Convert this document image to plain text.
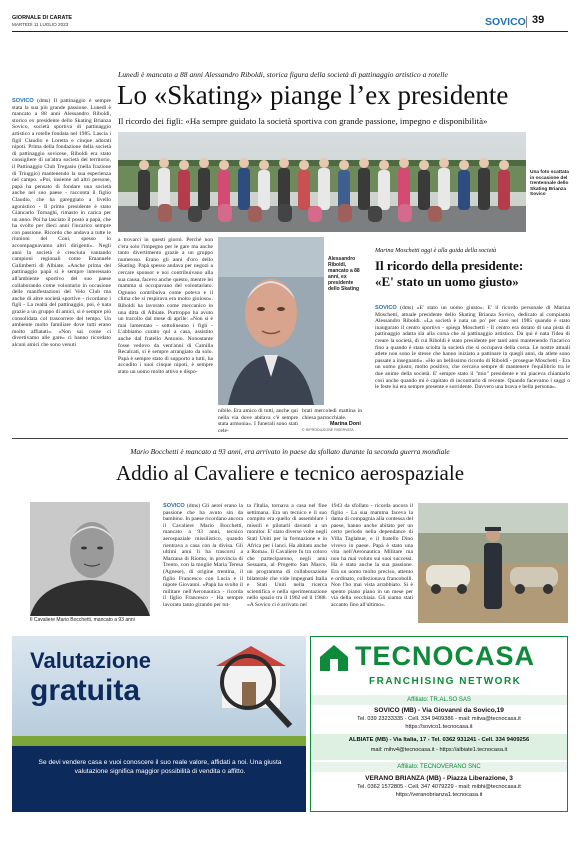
GIORNALE DI CARATE
MARTEDÌ 11 LUGLIO 2023	SOVICO 39
Lunedì è mancato a 88 anni Alessandro Riboldi, storica figura della società di pattinaggio artistico a rotelle
Lo «Skating» piange l’ex presidente
Il ricordo dei figli: «Ha sempre guidato la società sportiva con grande passione, impegno e disponibilità»
SOVICO (dms) Il pattinaggio è sempre stata la sua più grande passione. Lunedì è mancato a 88 anni Alessandro Riboldi, storico ex presidente dello Skating Brianza Sovico, società sportiva di pattinaggio artistico a rotelle fondata nel 1985. Lascia i figli Claudio e Loretta e cinque adorati nipoti. Prima della fondazione della società di pattinaggio sovicese, Riboldi era stato consigliere di un'altra società del territorio, il Pattinaggio Club Tregasio (nella frazione di Triuggio) mantenendo la sua esperienza nel campo. «Poi, insieme ad altri persone, papà ha pensato di fondare una società anche nel suo paese - racconta il figlio Claudio, che ha gareggiato a livello agonistico - Il primo presidente è stato Giancarlo Tornaghi, rimasto in carica per un anno. Poi ha lasciato il posto a papà, che ha svolto per dieci anni l'incarico sempre con passione. Ricordo che andava a tutte le riunioni del Coni, spesso lo accompagnavamo altri dirigenti». Negli anni la società è cresciuta vantando campioni regionali come Emanuele Galimberti di Albiate. «Anche prima del pattinaggio papà si è sempre interessato all'ambiente sportivo del suo paese collaborando come volontario in occasione delle manifestazioni del Velo Club ma anche di altre società sportive - ricordano i figli - La realtà del pattinaggio, poi, è nata grazie a un gruppo di amici, si è sempre più consolidata col trascorrere del tempo. Un ambiente molto familiare dove tutti erano molto affiatati». «Non sai come ci divertivamo alle gare» ci hanno ricordato alcuni amici che sono venuti
Una foto scattata in occasione del trentennale dello Skating Brianza Sovico
a trovarci in questi giorni. Perché non c'era solo l'impegno per le gare ma anche tanto divertimento grazie a un gruppo numeroso. Erano gli anni d'oro dello Skating. Papà spesso andava per negozi a cercare sponsor e noi contribuivano alla sua causa, facevo anche questo, mentre lei mamma si occupavano del volontariato. Ognuno contribuiva come poteva e il clima che si respirava era molto gioioso». Riboldi ha lavorato come meccanico in una ditta di Albiate. Purtroppo ha avuto un tracollo dal mese di aprile: «Non si è mai lamentato - sottolineano i figli - L'abbiamo curato qui a casa, assistito anche dal fratello Antonio. Nonostante fosse vedovo da vent'anni di Camilla Recalcati, si è sempre arrangiato da solo. Papà è sempre stato di supporto a tutti, ha accudito i suoi cinque nipoti, è sempre stato un uomo molto attivo e dispo-
nibile. Era amico di tutti, anche qui nella via dove abitava c'è sempre stata armonia». I funerali sono stati cele-
brati mercoledì mattina in chiesa parrocchiale.
Alessandro Riboldi, mancato a 88 anni, ex presidente dello Skating
Marina Doni
© RIPRODUZIONE RISERVATA
Marina Moschetti oggi è alla guida della società
Il ricordo della presidente:
«E' stato un uomo giusto»
SOVICO (dms) «E' stato un uomo giusto». E' il ricordo personale di Marina Moschetti, attuale presidente dello Skating Brianza Sovico, dedicato al compianto Alessandro Riboldi. «La società è nata un po' per caso nel 1985 quando è stato inaugurato il centro sportivo - spiega Moschetti - Il centro era dotato di una pista di pattinaggio adatta sia alla corsa che al pattinaggio artistico. Da qui è nata l'idea di creare la società, di cui Riboldi è stato presidente per tanti anni mantenendo l'incarico fino a quando è stata sciolta la società che si occupava della corsa. Le nostre attuali atlete non sono le stesse che hanno iniziato a pattinare in quegli anni, da atlete sono passate a insegnanti». «Ho un bellissimo ricordo di Riboldi - prosegue Moschetti - Era un uomo giusto, molto positivo, che cercava sempre di mantenere l'equilibrio tra le due anime della società. E' sempre stato il "mio" presidente e mi piaceva chiamarlo così anche quando mi è capitato di incontrarlo di recente. Quando facevamo i saggi o le feste lui era sempre presente e sorridente. Davvero una brava e bella persona».
Mario Bocchetti è mancato a 93 anni, era arrivato in paese da sfollato durante la seconda guerra mondiale
Addio al Cavaliere e tecnico aerospaziale
Il Cavaliere Mario Bocchetti, mancato a 93 anni
SOVICO (dms) Gli aerei erano la passione che ha avuto sin da bambino. In paese ricordano ancora il Cavaliere Mario Bocchetti, mancato a 93 anni, tecnico aerospaziale missilistico, quando rientrava a casa con la divisa. Gli ultimi anni li ha trascorsi a Marzana di Riomo, in provincia di Trento, con la moglie Maria Teresa (Agnese), di origine trentina, il figlio Francesco con Lucia e il nipote Giovanni. «Papà ha svolto il militare nell'Aeronautica - ricorda il figlio Francesco - Ha sempre lavorato tanto girando per tut-
ta l'Italia, tornava a casa nel fine settimana. Era un tecnico e il suo compito era quello di assemblare i missili e pilotarli davanti a un monitor. E' stato diverse volte negli Stati Uniti per la formazione e in Africa per i lanci. Ha abitato anche a Roma». Il Cavaliere fu tra coloro che parteciparono, negli anni Sessanta, al Progetto San Marco, un programma di collaborazione bilaterale che vide impegnati Italia e Stati Uniti nella ricerca scientifica e nella sperimentazione nello spazio tra il 1962 ed il 1988. «A Sovico ci è arrivato nel
1943 da sfollato - ricorda ancora il figlio - La sua mamma faceva la dama di compagnia alla contessa del paese, hanno anche abitato per un certo periodo nella dependance di Villa Taglabue, e il fratello Dino vivevo in paese. Papà è stato una vita nell'Aeronautica Militare ma non ha mai voluto sui suoi successi. Ha è stato anche la sua passione. Era un uomo molto preciso, attento e ordinato, collezionava francobolli. Non l'ho mai vista arrabbiato. Si è spento piano piano in un mese per via della vecchiaia. Gli siamo stati accanto fino all'ultimo».
Valutazione
gratuita
Se devi vendere casa e vuoi conoscere il suo reale valore, affidati a noi. Una giusta valutazione significa maggior possibilità di vendita o affitto.
TECNOCASA
FRANCHISING NETWORK
Affiliato: TR.AL.SO SAS
SOVICO (MB) - Via Giovanni da Sovico,19
Tel. 039 23233335 - Cell. 334 9409386 - mail: mitva@tecnocasa.it
https://sovico1.tecnocasa.it
ALBIATE (MB) - Via Italia, 17 - Tel. 0362 931241 - Cell. 334 9409256
mail: mihv4@tecnocasa.it - https://albiate1.tecnocasa.it
Affiliato: TECNOVERANO SNC
VERANO BRIANZA (MB) - Piazza Liberazione, 3
Tel. 0362 1572805 - Cell. 347 4079229 - mail: mibhi@tecnocasa.it
https://veranobrianza1.tecnocasa.it
